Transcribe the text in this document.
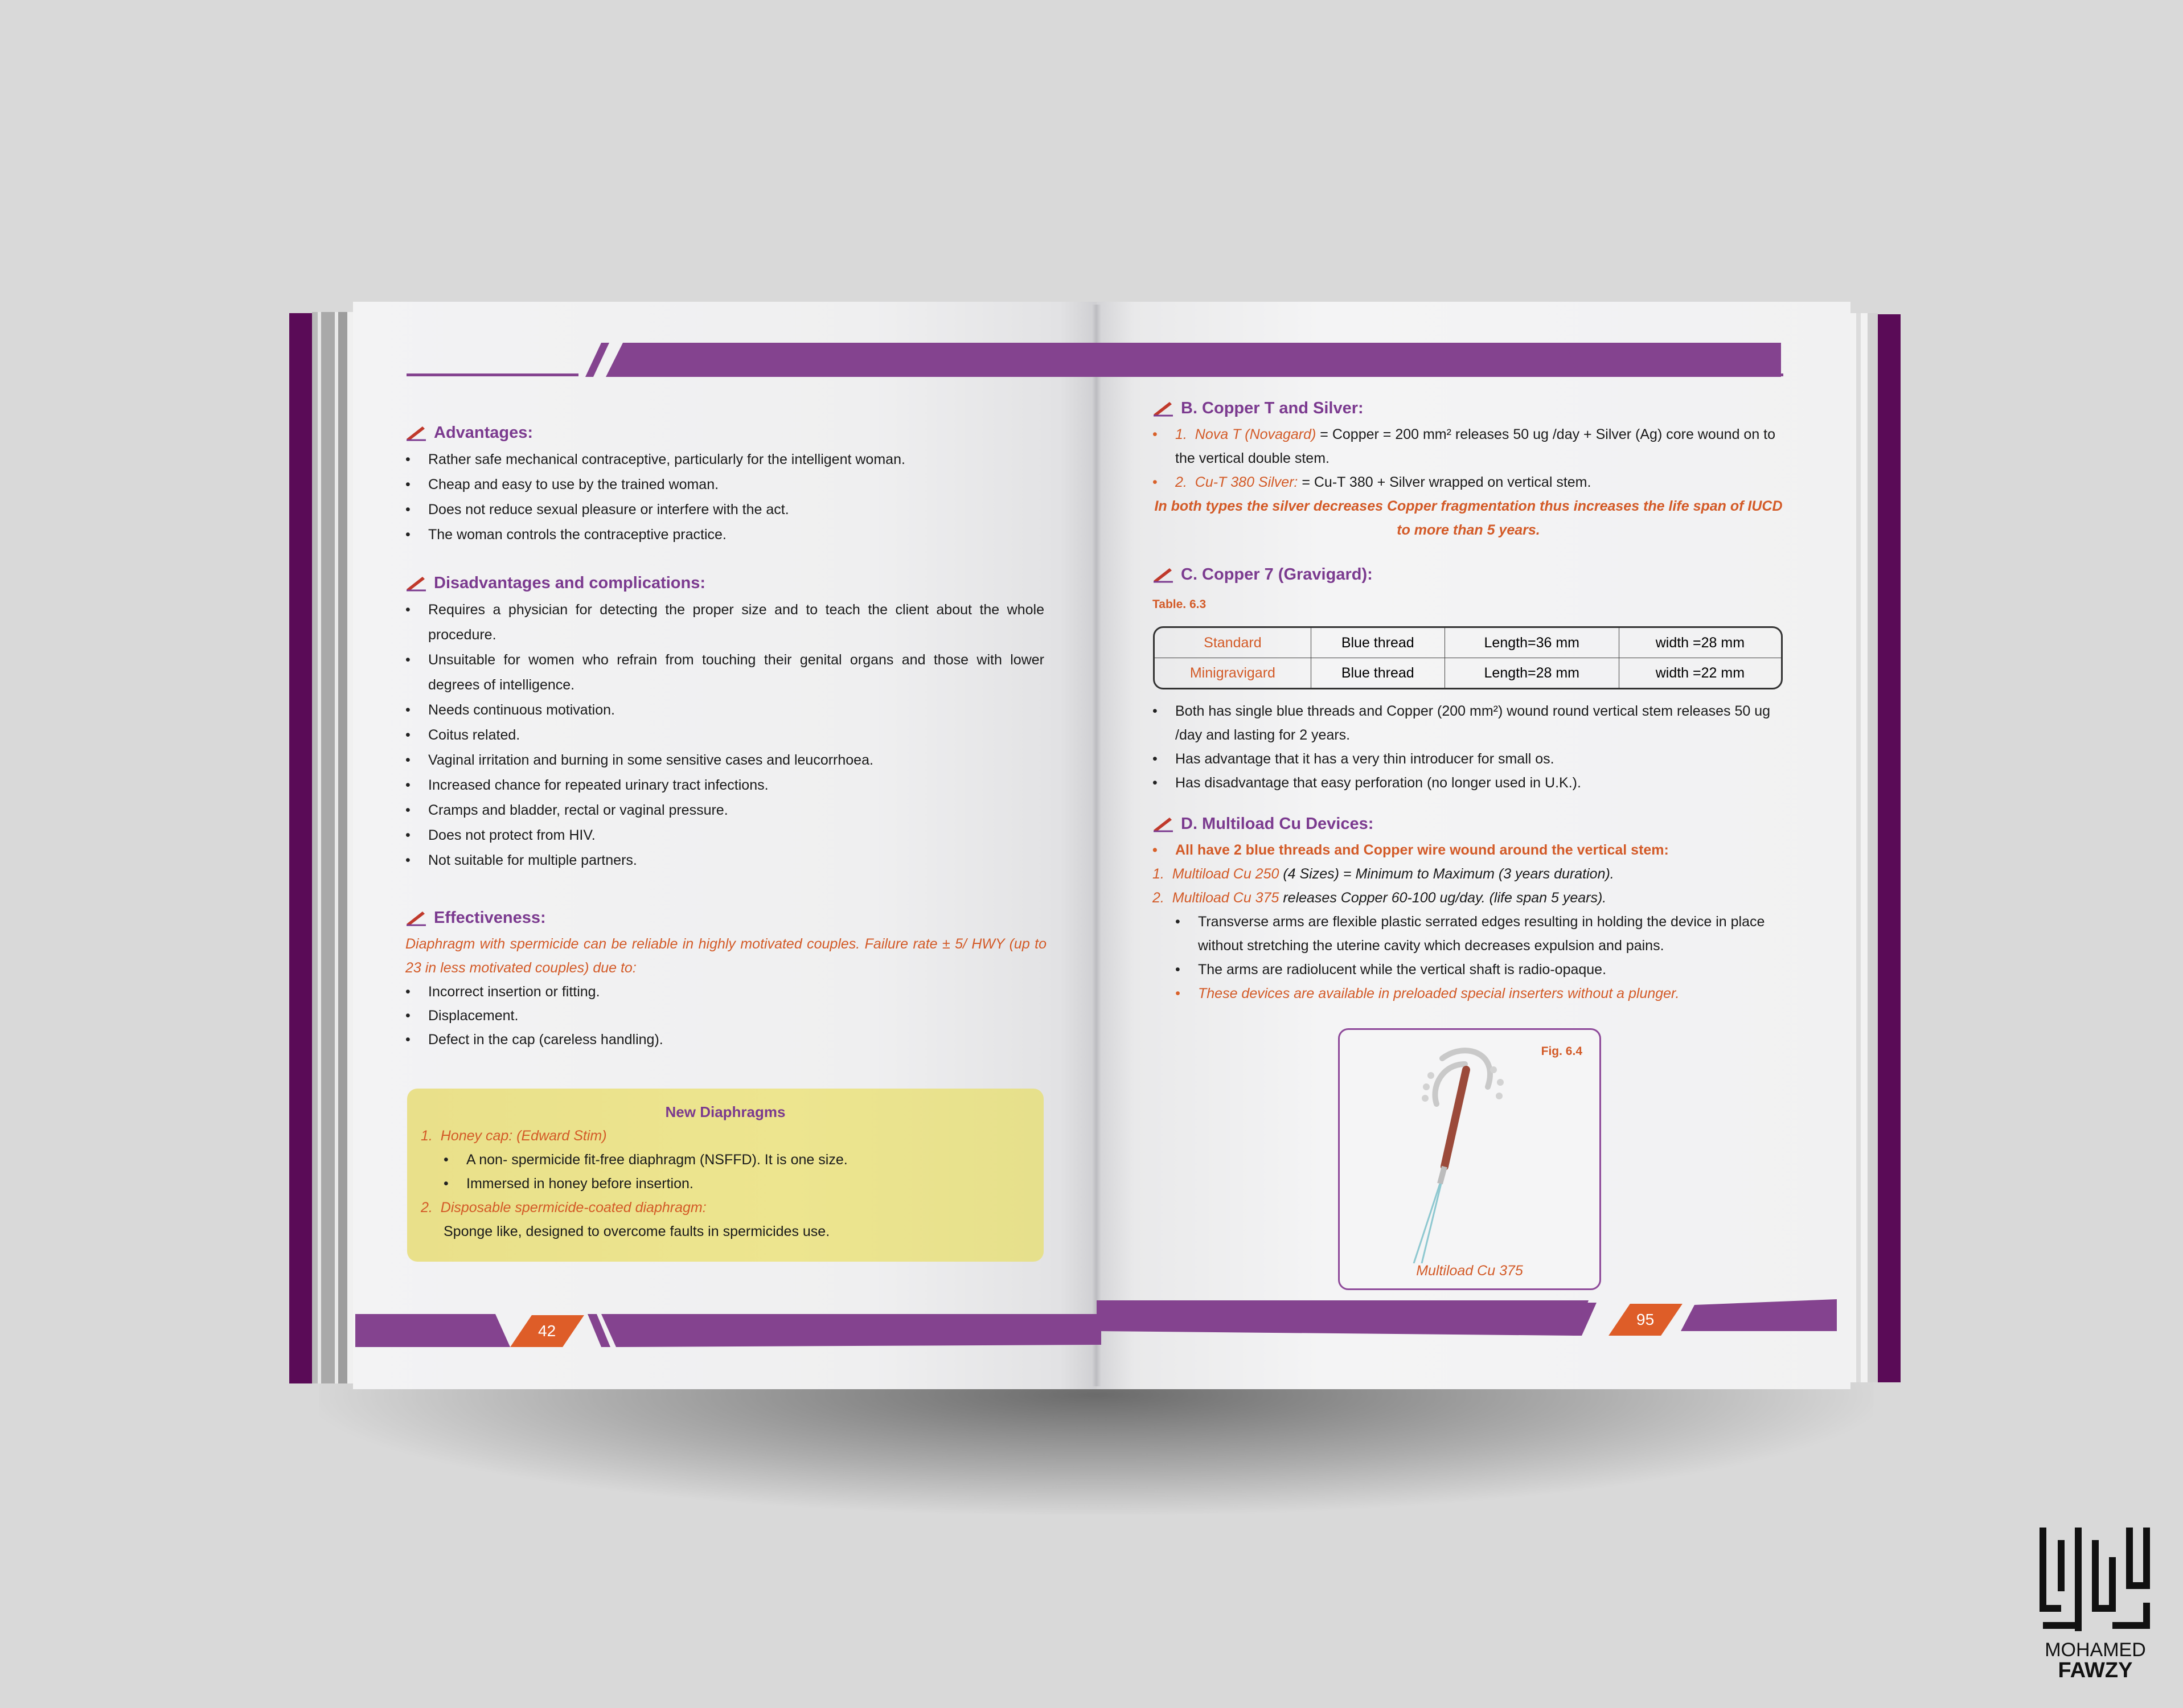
42
95
Advantages:
• Rather safe mechanical contraceptive, particularly for the intelligent woman.
• Cheap and easy to use by the trained woman.
• Does not reduce sexual pleasure or interfere with the act.
• The woman controls the contraceptive practice.
Disadvantages and complications:
• Requires a physician for detecting the proper size and to teach the client about the whole procedure.
• Unsuitable for women who refrain from touching their genital organs and those with lower degrees of intelligence.
• Needs continuous motivation.
• Coitus related.
• Vaginal irritation and burning in some sensitive cases and leucorrhoea.
• Increased chance for repeated urinary tract infections.
• Cramps and bladder, rectal or vaginal pressure.
• Does not protect from HIV.
• Not suitable for multiple partners.
Effectiveness:
Diaphragm with spermicide can be reliable in highly motivated couples. Failure rate ± 5/ HWY (up to 23 in less motivated couples) due to:
• Incorrect insertion or fitting.
• Displacement.
• Defect in the cap (careless handling).
New Diaphragms
1. Honey cap: (Edward Stim)
• A non- spermicide fit-free diaphragm (NSFFD). It is one size.
• Immersed in honey before insertion.
2. Disposable spermicide-coated diaphragm:
Sponge like, designed to overcome faults in spermicides use.
B. Copper T and Silver:
• 1. Nova T (Novagard) = Copper = 200 mm² releases 50 ug /day + Silver (Ag) core wound on to the vertical double stem.
• 2. Cu-T 380 Silver: = Cu-T 380 + Silver wrapped on vertical stem.
In both types the silver decreases Copper fragmentation thus increases the life span of IUCD to more than 5 years.
C. Copper 7 (Gravigard):
Table. 6.3
Standard	Blue thread	Length=36 mm	width =28 mm
Minigravigard	Blue thread	Length=28 mm	width =22 mm
• Both has single blue threads and Copper (200 mm²) wound round vertical stem releases 50 ug /day and lasting for 2 years.
• Has advantage that it has a very thin introducer for small os.
• Has disadvantage that easy perforation (no longer used in U.K.).
D. Multiload Cu Devices:
• All have 2 blue threads and Copper wire wound around the vertical stem:
1. Multiload Cu 250 (4 Sizes) = Minimum to Maximum (3 years duration).
2. Multiload Cu 375 releases Copper 60-100 ug/day. (life span 5 years).
• Transverse arms are flexible plastic serrated edges resulting in holding the device in place without stretching the uterine cavity which decreases expulsion and pains.
• The arms are radiolucent while the vertical shaft is radio-opaque.
• These devices are available in preloaded special inserters without a plunger.
Fig. 6.4
Multiload Cu 375
MOHAMED
FAWZY
